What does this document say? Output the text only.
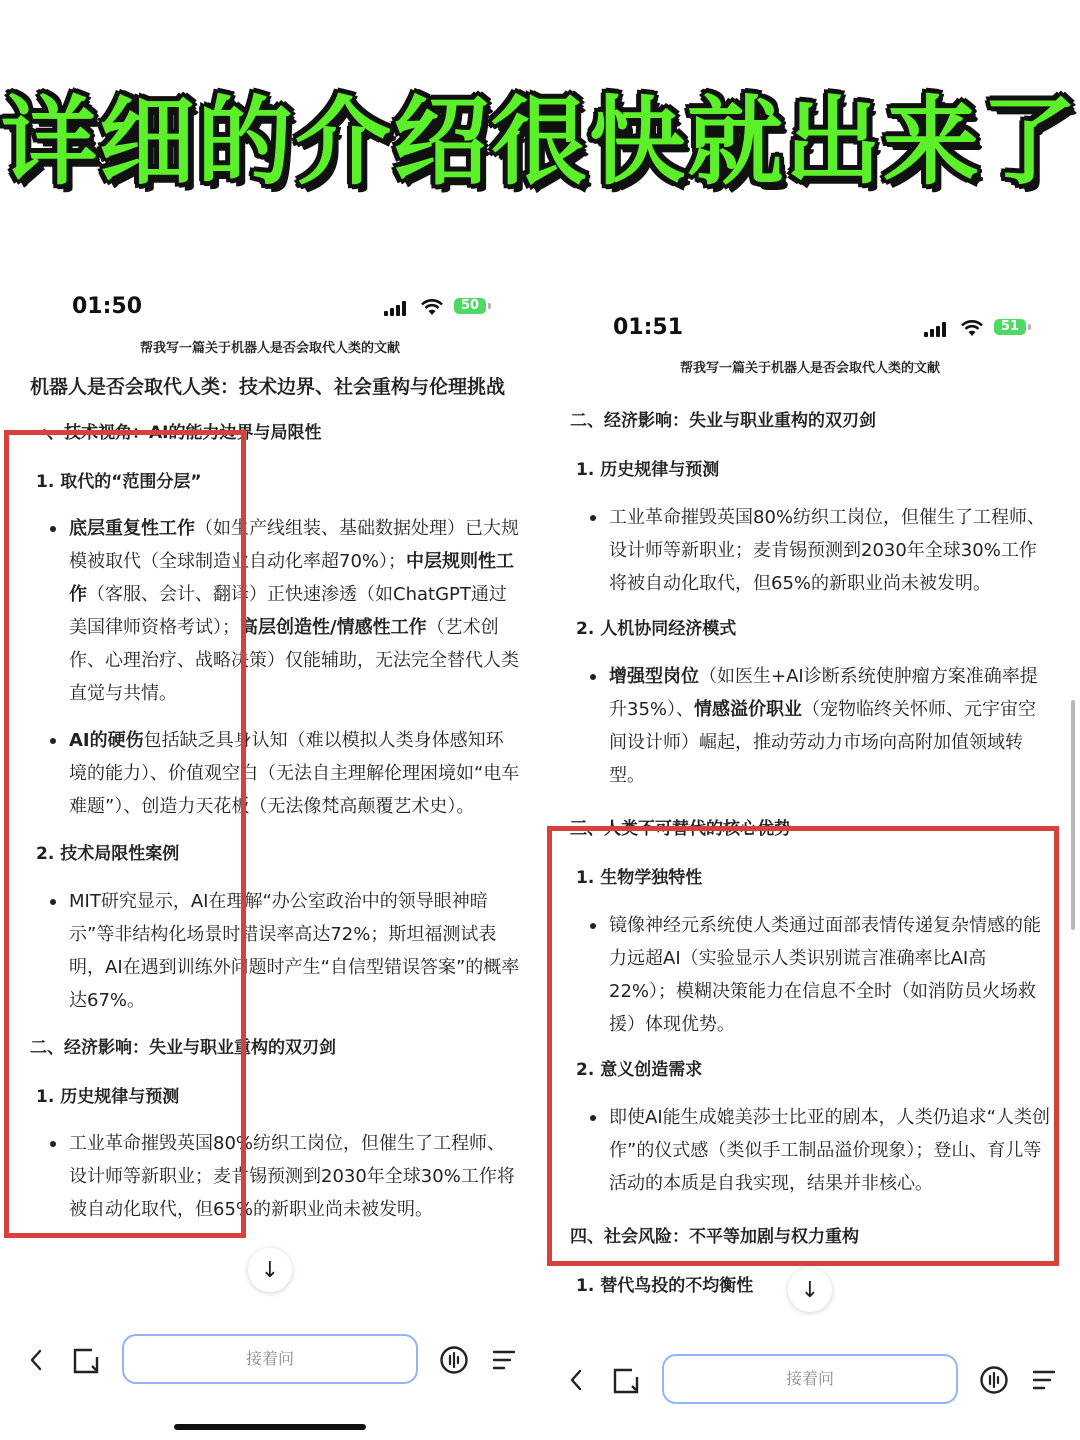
详细的介绍很快就出来了
01:50	50
帮我写一篇关于机器人是否会取代人类的文献

机器人是否会取代人类：技术边界、社会重构与伦理挑战

一、技术视角：AI的能力边界与局限性

1. 取代的“范围分层”

底层重复性工作（如生产线组装、基础数据处理）已大规模被取代（全球制造业自动化率超70%）；中层规则性工作（客服、会计、翻译）正快速渗透（如ChatGPT通过美国律师资格考试）；高层创造性/情感性工作（艺术创作、心理治疗、战略决策）仅能辅助，无法完全替代人类直觉与共情。

AI的硬伤包括缺乏具身认知（难以模拟人类身体感知环境的能力）、价值观空白（无法自主理解伦理困境如“电车难题”）、创造力天花板（无法像梵高颠覆艺术史）。

2. 技术局限性案例

MIT研究显示，AI在理解“办公室政治中的领导眼神暗示”等非结构化场景时错误率高达72%；斯坦福测试表明，AI在遇到训练外问题时产生“自信型错误答案”的概率达67%。

二、经济影响：失业与职业重构的双刃剑

1. 历史规律与预测

工业革命摧毁英国80%纺织工岗位，但催生了工程师、设计师等新职业；麦肯锡预测到2030年全球30%工作将被自动化取代，但65%的新职业尚未被发明。

↓
接着问
01:51	51
帮我写一篇关于机器人是否会取代人类的文献

二、经济影响：失业与职业重构的双刃剑

1. 历史规律与预测

工业革命摧毁英国80%纺织工岗位，但催生了工程师、设计师等新职业；麦肯锡预测到2030年全球30%工作将被自动化取代，但65%的新职业尚未被发明。

2. 人机协同经济模式

增强型岗位（如医生+AI诊断系统使肿瘤方案准确率提升35%）、情感溢价职业（宠物临终关怀师、元宇宙空间设计师）崛起，推动劳动力市场向高附加值领域转型。

三、人类不可替代的核心优势

1. 生物学独特性

镜像神经元系统使人类通过面部表情传递复杂情感的能力远超AI（实验显示人类识别谎言准确率比AI高22%）；模糊决策能力在信息不全时（如消防员火场救援）体现优势。

2. 意义创造需求

即使AI能生成媲美莎士比亚的剧本，人类仍追求“人类创作”的仪式感（类似手工制品溢价现象）；登山、育儿等活动的本质是自我实现，结果并非核心。

四、社会风险：不平等加剧与权力重构

1. 替代鸟投的不均衡性	↓
接着问
